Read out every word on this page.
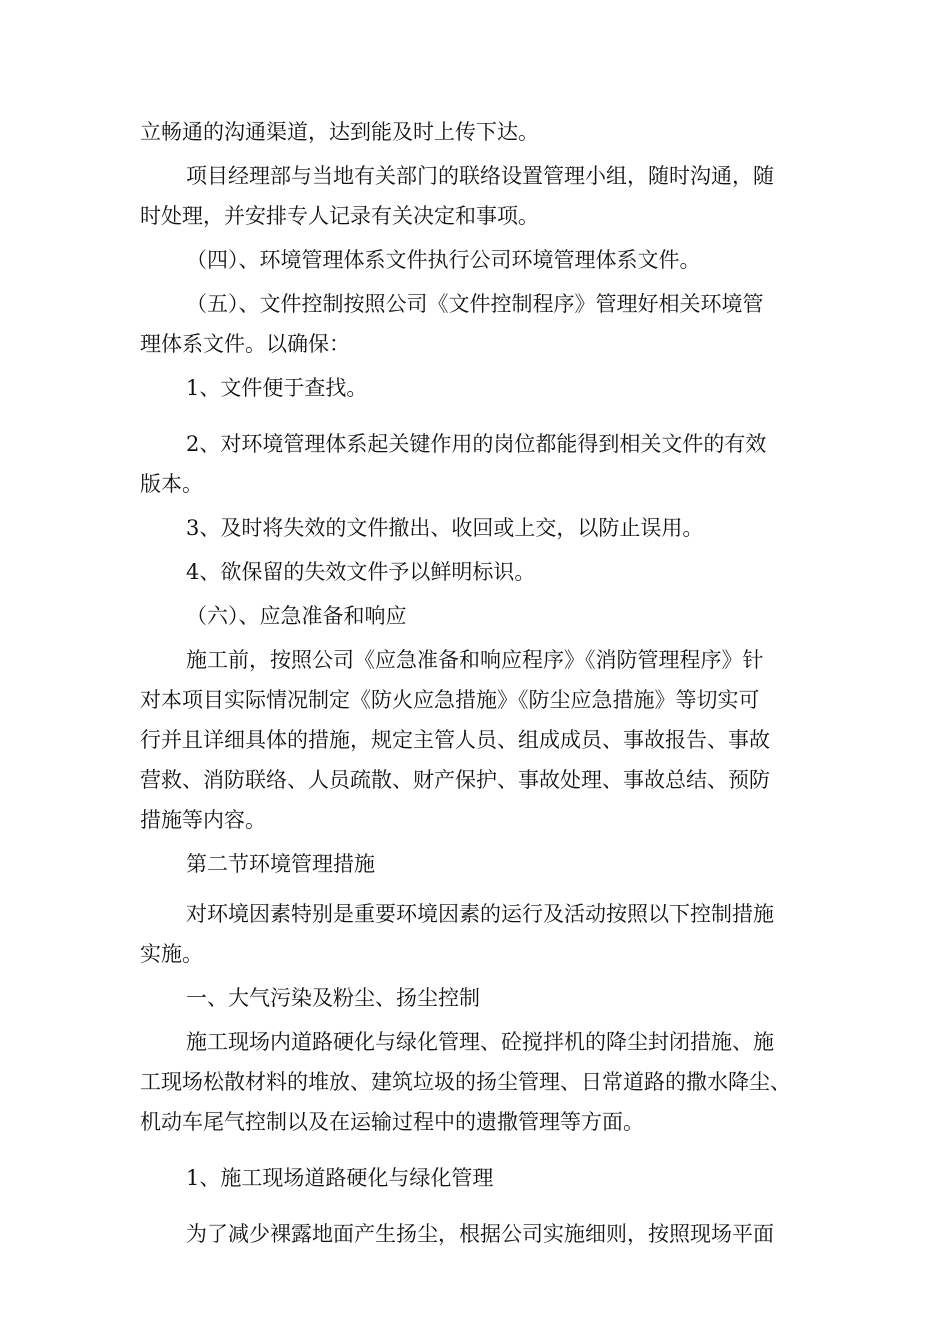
立畅通的沟通渠道，达到能及时上传下达。
项目经理部与当地有关部门的联络设置管理小组，随时沟通，随
时处理，并安排专人记录有关决定和事项。
（四）、环境管理体系文件执行公司环境管理体系文件。
（五）、文件控制按照公司《文件控制程序》管理好相关环境管
理体系文件。以确保：
1、文件便于查找。
2、对环境管理体系起关键作用的岗位都能得到相关文件的有效
版本。
3、及时将失效的文件撤出、收回或上交，以防止误用。
4、欲保留的失效文件予以鲜明标识。
（六）、应急准备和响应
施工前，按照公司《应急准备和响应程序》《消防管理程序》针
对本项目实际情况制定《防火应急措施》《防尘应急措施》等切实可
行并且详细具体的措施，规定主管人员、组成成员、事故报告、事故
营救、消防联络、人员疏散、财产保护、事故处理、事故总结、预防
措施等内容。
第二节环境管理措施
对环境因素特别是重要环境因素的运行及活动按照以下控制措施
实施。
一、大气污染及粉尘、扬尘控制
施工现场内道路硬化与绿化管理、砼搅拌机的降尘封闭措施、施
工现场松散材料的堆放、建筑垃圾的扬尘管理、日常道路的撒水降尘、
机动车尾气控制以及在运输过程中的遗撒管理等方面。
1、施工现场道路硬化与绿化管理
为了减少裸露地面产生扬尘，根据公司实施细则，按照现场平面
